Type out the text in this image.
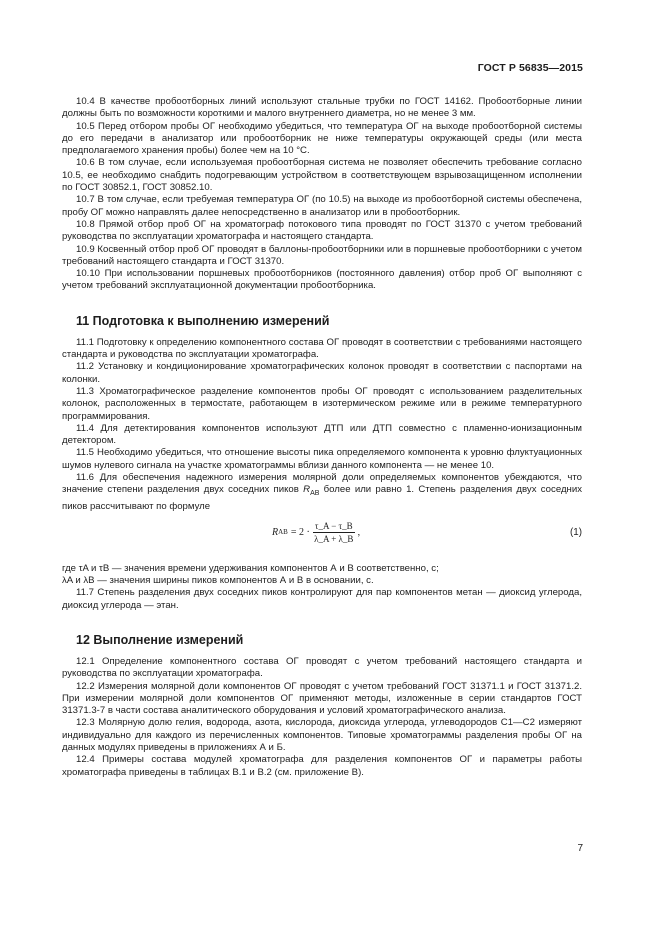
ГОСТ Р 56835—2015

10.4 В качестве пробоотборных линий используют стальные трубки по ГОСТ 14162. Пробоотборные линии должны быть по возможности короткими и малого внутреннего диаметра, но не менее 3 мм.

10.5 Перед отбором пробы ОГ необходимо убедиться, что температура ОГ на выходе пробоотборной системы до его передачи в анализатор или пробоотборник не ниже температуры окружающей среды (или места предполагаемого хранения пробы) более чем на 10 °С.

10.6 В том случае, если используемая пробоотборная система не позволяет обеспечить требование согласно 10.5, ее необходимо снабдить подогревающим устройством в соответствующем взрывозащищенном исполнении по ГОСТ 30852.1, ГОСТ 30852.10.

10.7 В том случае, если требуемая температура ОГ (по 10.5) на выходе из пробоотборной системы обеспечена, пробу ОГ можно направлять далее непосредственно в анализатор или в пробоотборник.

10.8 Прямой отбор проб ОГ на хроматограф потокового типа проводят по ГОСТ 31370 с учетом требований руководства по эксплуатации хроматографа и настоящего стандарта.

10.9 Косвенный отбор проб ОГ проводят в баллоны-пробоотборники или в поршневые пробоотборники с учетом требований настоящего стандарта и ГОСТ 31370.

10.10 При использовании поршневых пробоотборников (постоянного давления) отбор проб ОГ выполняют с учетом требований эксплуатационной документации пробоотборника.

11 Подготовка к выполнению измерений

11.1 Подготовку к определению компонентного состава ОГ проводят в соответствии с требованиями настоящего стандарта и руководства по эксплуатации хроматографа.

11.2 Установку и кондиционирование хроматографических колонок проводят в соответствии с паспортами на колонки.

11.3 Хроматографическое разделение компонентов пробы ОГ проводят с использованием разделительных колонок, расположенных в термостате, работающем в изотермическом режиме или в режиме температурного программирования.

11.4 Для детектирования компонентов используют ДТП или ДТП совместно с пламенно-ионизационным детектором.

11.5 Необходимо убедиться, что отношение высоты пика определяемого компонента к уровню флуктуационных шумов нулевого сигнала на участке хроматограммы вблизи данного компонента — не менее 10.

11.6 Для обеспечения надежного измерения молярной доли определяемых компонентов убеждаются, что значение степени разделения двух соседних пиков $R_{AB}$ более или равно 1. Степень разделения двух соседних пиков рассчитывают по формуле

R AB = $2 \cdot \frac{\tau\_A - \tau\_B}{\lambda\_A + \lambda\_B}$ ,	(1)

где τA и τB — значения времени удерживания компонентов А и В соответственно, с;

λA и λB — значения ширины пиков компонентов А и В в основании, с.

11.7 Степень разделения двух соседних пиков контролируют для пар компонентов метан — диоксид углерода, диоксид углерода — этан.

12 Выполнение измерений

12.1 Определение компонентного состава ОГ проводят с учетом требований настоящего стандарта и руководства по эксплуатации хроматографа.

12.2 Измерения молярной доли компонентов ОГ проводят с учетом требований ГОСТ 31371.1 и ГОСТ 31371.2. При измерении молярной доли компонентов ОГ применяют методы, изложенные в серии стандартов ГОСТ 31371.3-7 в части состава аналитического оборудования и условий хроматографического анализа.

12.3 Молярную долю гелия, водорода, азота, кислорода, диоксида углерода, углеводородов С1—С2 измеряют индивидуально для каждого из перечисленных компонентов. Типовые хроматограммы разделения пробы ОГ на данных модулях приведены в приложениях А и Б.

12.4 Примеры состава модулей хроматографа для разделения компонентов ОГ и параметры работы хроматографа приведены в таблицах В.1 и В.2 (см. приложение В).

7
